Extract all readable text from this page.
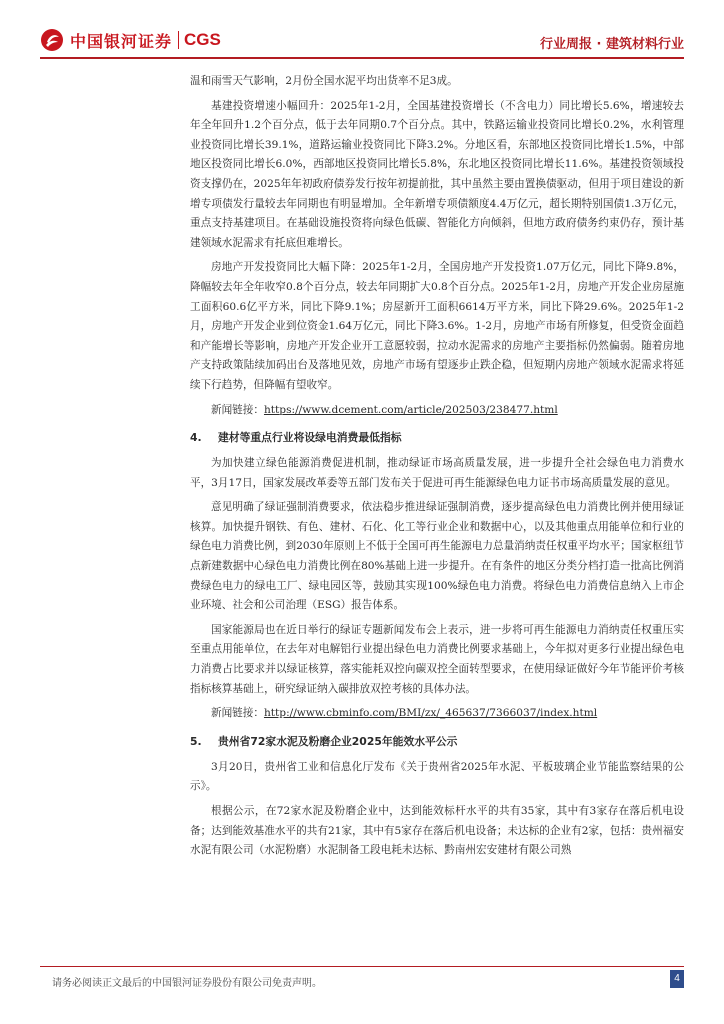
中国银河证券 CGS	行业周报 · 建筑材料行业

温和雨雪天气影响，2月份全国水泥平均出货率不足3成。

基建投资增速小幅回升：2025年1-2月，全国基建投资增长（不含电力）同比增长5.6%，增速较去年全年回升1.2个百分点，低于去年同期0.7个百分点。其中，铁路运输业投资同比增长0.2%，水利管理业投资同比增长39.1%，道路运输业投资同比下降3.2%。分地区看，东部地区投资同比增长1.5%，中部地区投资同比增长6.0%，西部地区投资同比增长5.8%，东北地区投资同比增长11.6%。基建投资领域投资支撑仍在，2025年年初政府债券发行按年初提前批，其中虽然主要由置换债驱动，但用于项目建设的新增专项债发行量较去年同期也有明显增加。全年新增专项债额度4.4万亿元，超长期特别国债1.3万亿元，重点支持基建项目。在基础设施投资将向绿色低碳、智能化方向倾斜，但地方政府债务约束仍存，预计基建领域水泥需求有托底但难增长。

房地产开发投资同比大幅下降：2025年1-2月，全国房地产开发投资1.07万亿元，同比下降9.8%，降幅较去年全年收窄0.8个百分点，较去年同期扩大0.8个百分点。2025年1-2月，房地产开发企业房屋施工面积60.6亿平方米，同比下降9.1%；房屋新开工面积6614万平方米，同比下降29.6%。2025年1-2月，房地产开发企业到位资金1.64万亿元，同比下降3.6%。1-2月，房地产市场有所修复，但受资金面趋和产能增长等影响，房地产开发企业开工意愿较弱，拉动水泥需求的房地产主要指标仍然偏弱。随着房地产支持政策陆续加码出台及落地见效，房地产市场有望逐步止跌企稳，但短期内房地产领域水泥需求将延续下行趋势，但降幅有望收窄。

新闻链接：https://www.dcement.com/article/202503/238477.html

4. 建材等重点行业将设绿电消费最低指标

为加快建立绿色能源消费促进机制，推动绿证市场高质量发展，进一步提升全社会绿色电力消费水平，3月17日，国家发展改革委等五部门发布关于促进可再生能源绿色电力证书市场高质量发展的意见。

意见明确了绿证强制消费要求，依法稳步推进绿证强制消费，逐步提高绿色电力消费比例并使用绿证核算。加快提升钢铁、有色、建材、石化、化工等行业企业和数据中心，以及其他重点用能单位和行业的绿色电力消费比例，到2030年原则上不低于全国可再生能源电力总量消纳责任权重平均水平；国家枢纽节点新建数据中心绿色电力消费比例在80%基础上进一步提升。在有条件的地区分类分档打造一批高比例消费绿色电力的绿电工厂、绿电园区等，鼓励其实现100%绿色电力消费。将绿色电力消费信息纳入上市企业环境、社会和公司治理（ESG）报告体系。

国家能源局也在近日举行的绿证专题新闻发布会上表示，进一步将可再生能源电力消纳责任权重压实至重点用能单位，在去年对电解铝行业提出绿色电力消费比例要求基础上，今年拟对更多行业提出绿色电力消费占比要求并以绿证核算，落实能耗双控向碳双控全面转型要求，在使用绿证做好今年节能评价考核指标核算基础上，研究绿证纳入碳排放双控考核的具体办法。

新闻链接：http://www.cbminfo.com/BMI/zx/_465637/7366037/index.html

5. 贵州省72家水泥及粉磨企业2025年能效水平公示

3月20日，贵州省工业和信息化厅发布《关于贵州省2025年水泥、平板玻璃企业节能监察结果的公示》。

根据公示，在72家水泥及粉磨企业中，达到能效标杆水平的共有35家，其中有3家存在落后机电设备；达到能效基准水平的共有21家，其中有5家存在落后机电设备；未达标的企业有2家，包括：贵州福安水泥有限公司（水泥粉磨）水泥制备工段电耗未达标、黔南州宏安建材有限公司熟

请务必阅读正文最后的中国银河证券股份有限公司免责声明。	4
